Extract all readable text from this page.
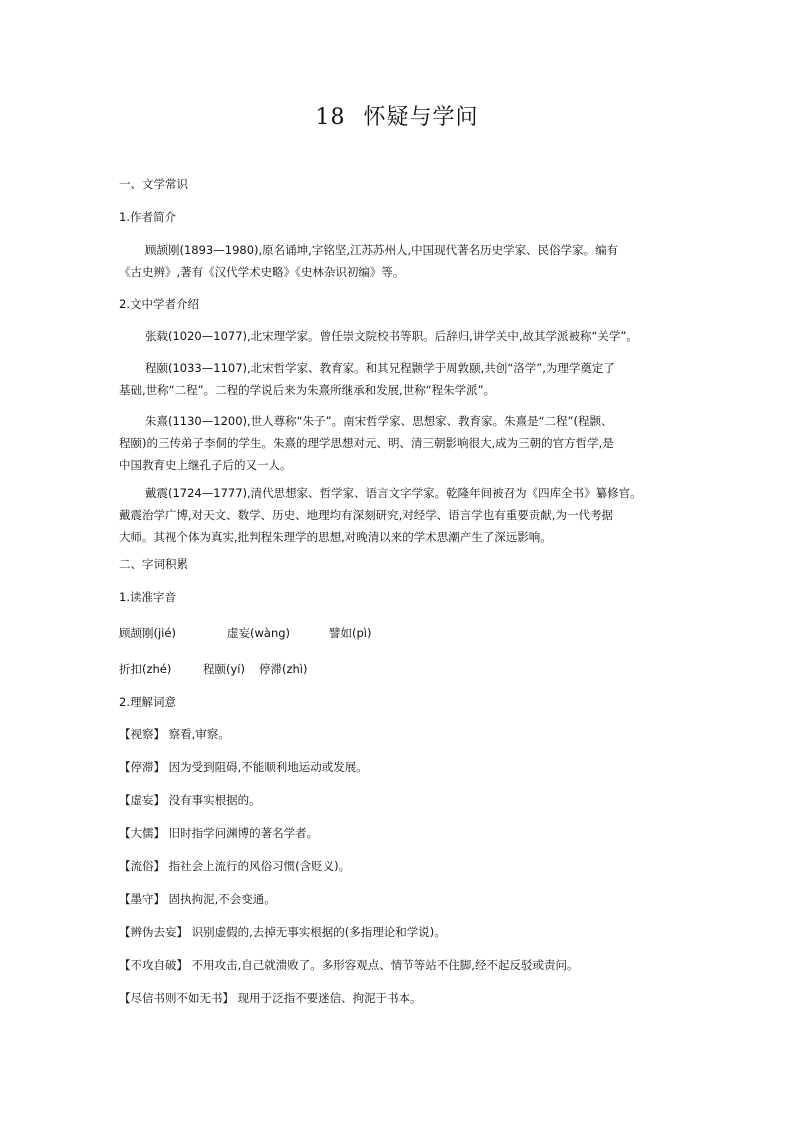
18 怀疑与学问
一、文学常识
1.作者简介
顾颉刚(1893—1980),原名诵坤,字铭坚,江苏苏州人,中国现代著名历史学家、民俗学家。编有
《古史辨》,著有《汉代学术史略》《史林杂识初编》等。
2.文中学者介绍
张载(1020—1077),北宋理学家。曾任崇文院校书等职。后辞归,讲学关中,故其学派被称“关学”。
程颐(1033—1107),北宋哲学家、教育家。和其兄程颢学于周敦颐,共创“洛学”,为理学奠定了
基础,世称“二程”。二程的学说后来为朱熹所继承和发展,世称“程朱学派”。
朱熹(1130—1200),世人尊称“朱子”。南宋哲学家、思想家、教育家。朱熹是“二程”(程颢、
程颐)的三传弟子李侗的学生。朱熹的理学思想对元、明、清三朝影响很大,成为三朝的官方哲学,是
中国教育史上继孔子后的又一人。
戴震(1724—1777),清代思想家、哲学家、语言文字学家。乾隆年间被召为《四库全书》纂修官。
戴震治学广博,对天文、数学、历史、地理均有深刻研究,对经学、语言学也有重要贡献,为一代考据
大师。其视个体为真实,批判程朱理学的思想,对晚清以来的学术思潮产生了深远影响。
二、字词积累
1.读准字音
顾颉刚(jié)	虚妄(wàng)	譬如(pì)
折扣(zhé)	程颐(yí) 停滞(zhì)
2.理解词意
【视察】 察看,审察。
【停滞】 因为受到阻碍,不能顺利地运动或发展。
【虚妄】 没有事实根据的。
【大儒】 旧时指学问渊博的著名学者。
【流俗】 指社会上流行的风俗习惯(含贬义)。
【墨守】 固执拘泥,不会变通。
【辨伪去妄】 识别虚假的,去掉无事实根据的(多指理论和学说)。
【不攻自破】 不用攻击,自己就溃败了。多形容观点、情节等站不住脚,经不起反驳或责问。
【尽信书则不如无书】 现用于泛指不要迷信、拘泥于书本。
